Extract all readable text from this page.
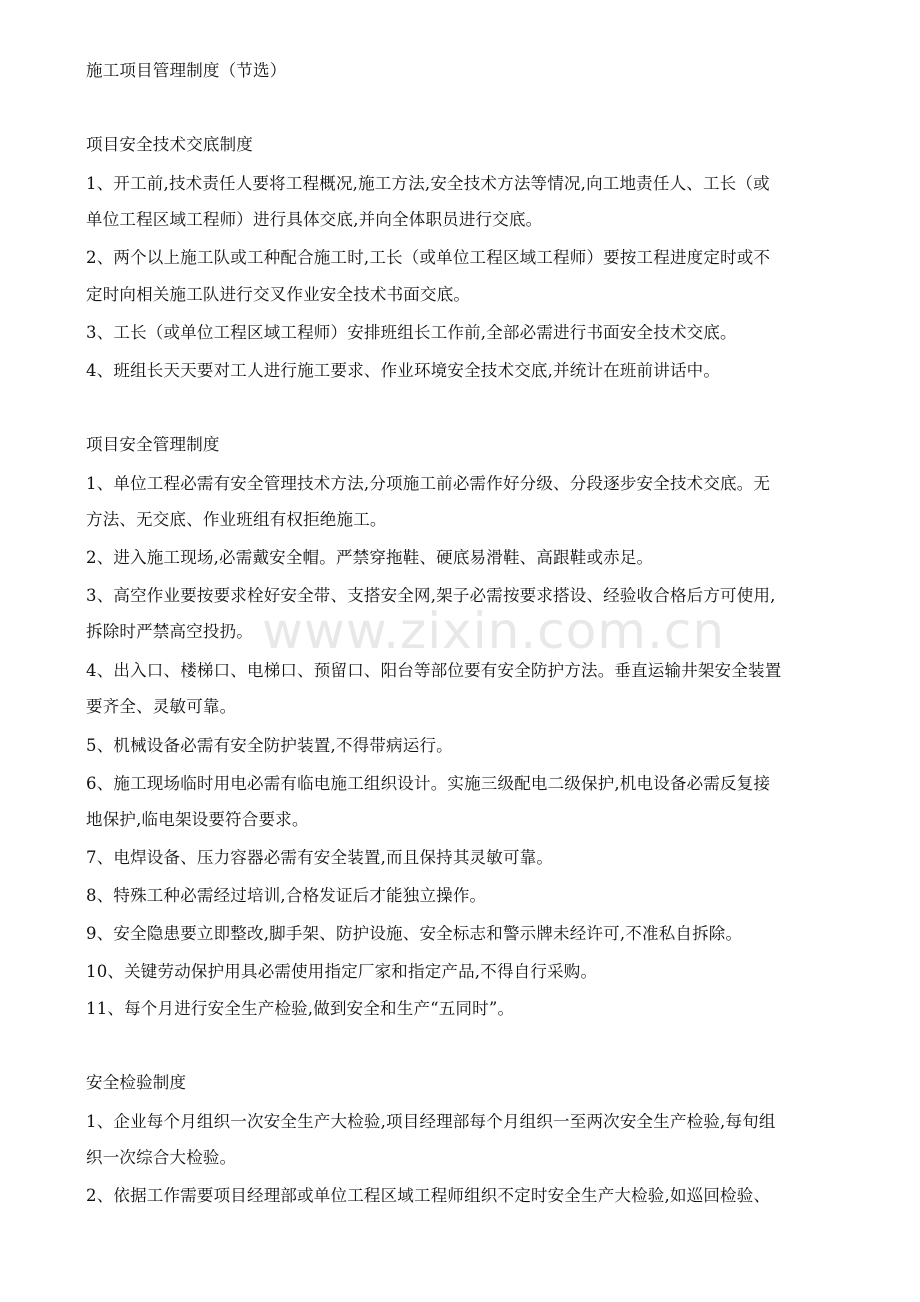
施工项目管理制度（节选）
项目安全技术交底制度
1、开工前,技术责任人要将工程概况,施工方法,安全技术方法等情况,向工地责任人、工长（或
单位工程区域工程师）进行具体交底,并向全体职员进行交底。
2、两个以上施工队或工种配合施工时,工长（或单位工程区域工程师）要按工程进度定时或不
定时向相关施工队进行交叉作业安全技术书面交底。
3、工长（或单位工程区域工程师）安排班组长工作前,全部必需进行书面安全技术交底。
4、班组长天天要对工人进行施工要求、作业环境安全技术交底,并统计在班前讲话中。
项目安全管理制度
1、单位工程必需有安全管理技术方法,分项施工前必需作好分级、分段逐步安全技术交底。无
方法、无交底、作业班组有权拒绝施工。
2、进入施工现场,必需戴安全帽。严禁穿拖鞋、硬底易滑鞋、高跟鞋或赤足。
3、高空作业要按要求栓好安全带、支搭安全网,架子必需按要求搭设、经验收合格后方可使用,
拆除时严禁高空投扔。
4、出入口、楼梯口、电梯口、预留口、阳台等部位要有安全防护方法。垂直运输井架安全装置
要齐全、灵敏可靠。
5、机械设备必需有安全防护装置,不得带病运行。
6、施工现场临时用电必需有临电施工组织设计。实施三级配电二级保护,机电设备必需反复接
地保护,临电架设要符合要求。
7、电焊设备、压力容器必需有安全装置,而且保持其灵敏可靠。
8、特殊工种必需经过培训,合格发证后才能独立操作。
9、安全隐患要立即整改,脚手架、防护设施、安全标志和警示牌未经许可,不准私自拆除。
10、关键劳动保护用具必需使用指定厂家和指定产品,不得自行采购。
11、每个月进行安全生产检验,做到安全和生产“五同时”。
安全检验制度
1、企业每个月组织一次安全生产大检验,项目经理部每个月组织一至两次安全生产检验,每旬组
织一次综合大检验。
2、依据工作需要项目经理部或单位工程区域工程师组织不定时安全生产大检验,如巡回检验、
www.zixin.com.cn
